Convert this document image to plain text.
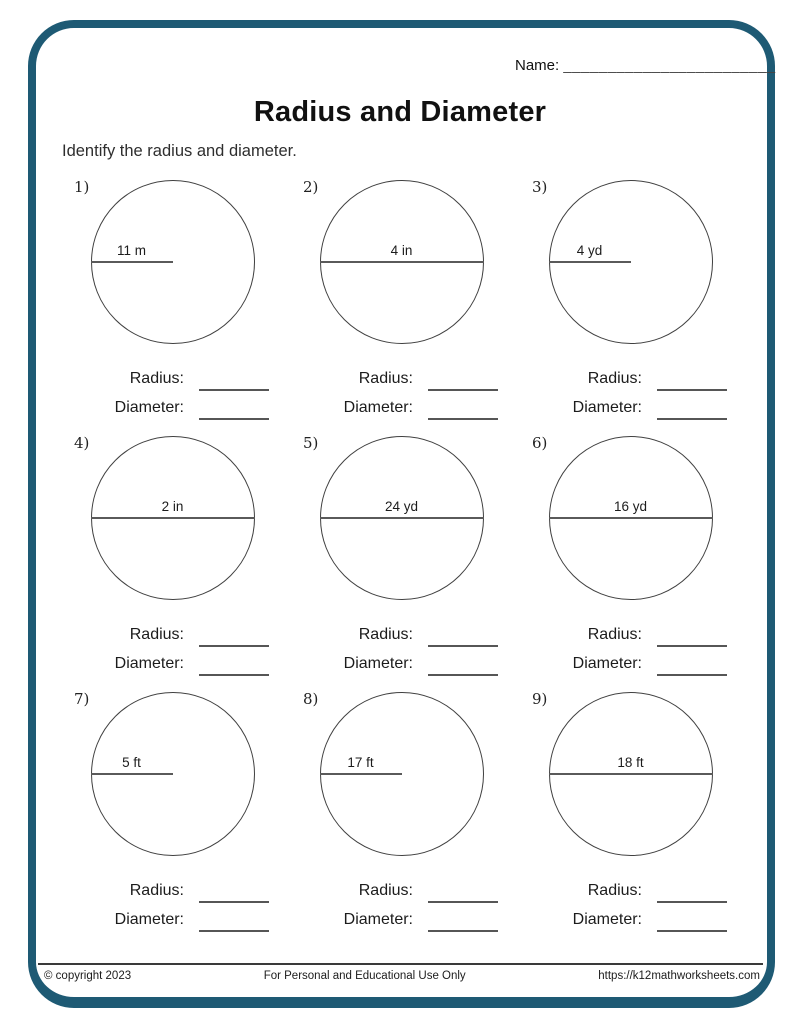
Name: ________________________
Radius and Diameter
Identify the radius and diameter.
1)
11 m
Radius:
Diameter:
2)
4 in
Radius:
Diameter:
3)
4 yd
Radius:
Diameter:
4)
2 in
Radius:
Diameter:
5)
24 yd
Radius:
Diameter:
6)
16 yd
Radius:
Diameter:
7)
5 ft
Radius:
Diameter:
8)
17 ft
Radius:
Diameter:
9)
18 ft
Radius:
Diameter:
© copyright 2023	For Personal and Educational Use Only	https://k12mathworksheets.com
